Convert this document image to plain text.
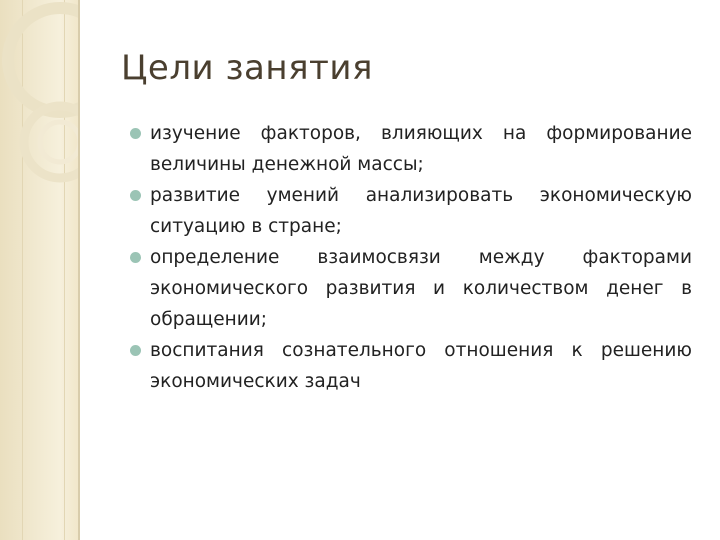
Цели занятия
изучение факторов, влияющих на формирование величины денежной массы;
развитие умений анализировать экономическую ситуацию в стране;
определение взаимосвязи между факторами экономического развития и количеством денег в обращении;
воспитания сознательного отношения к решению экономических задач
